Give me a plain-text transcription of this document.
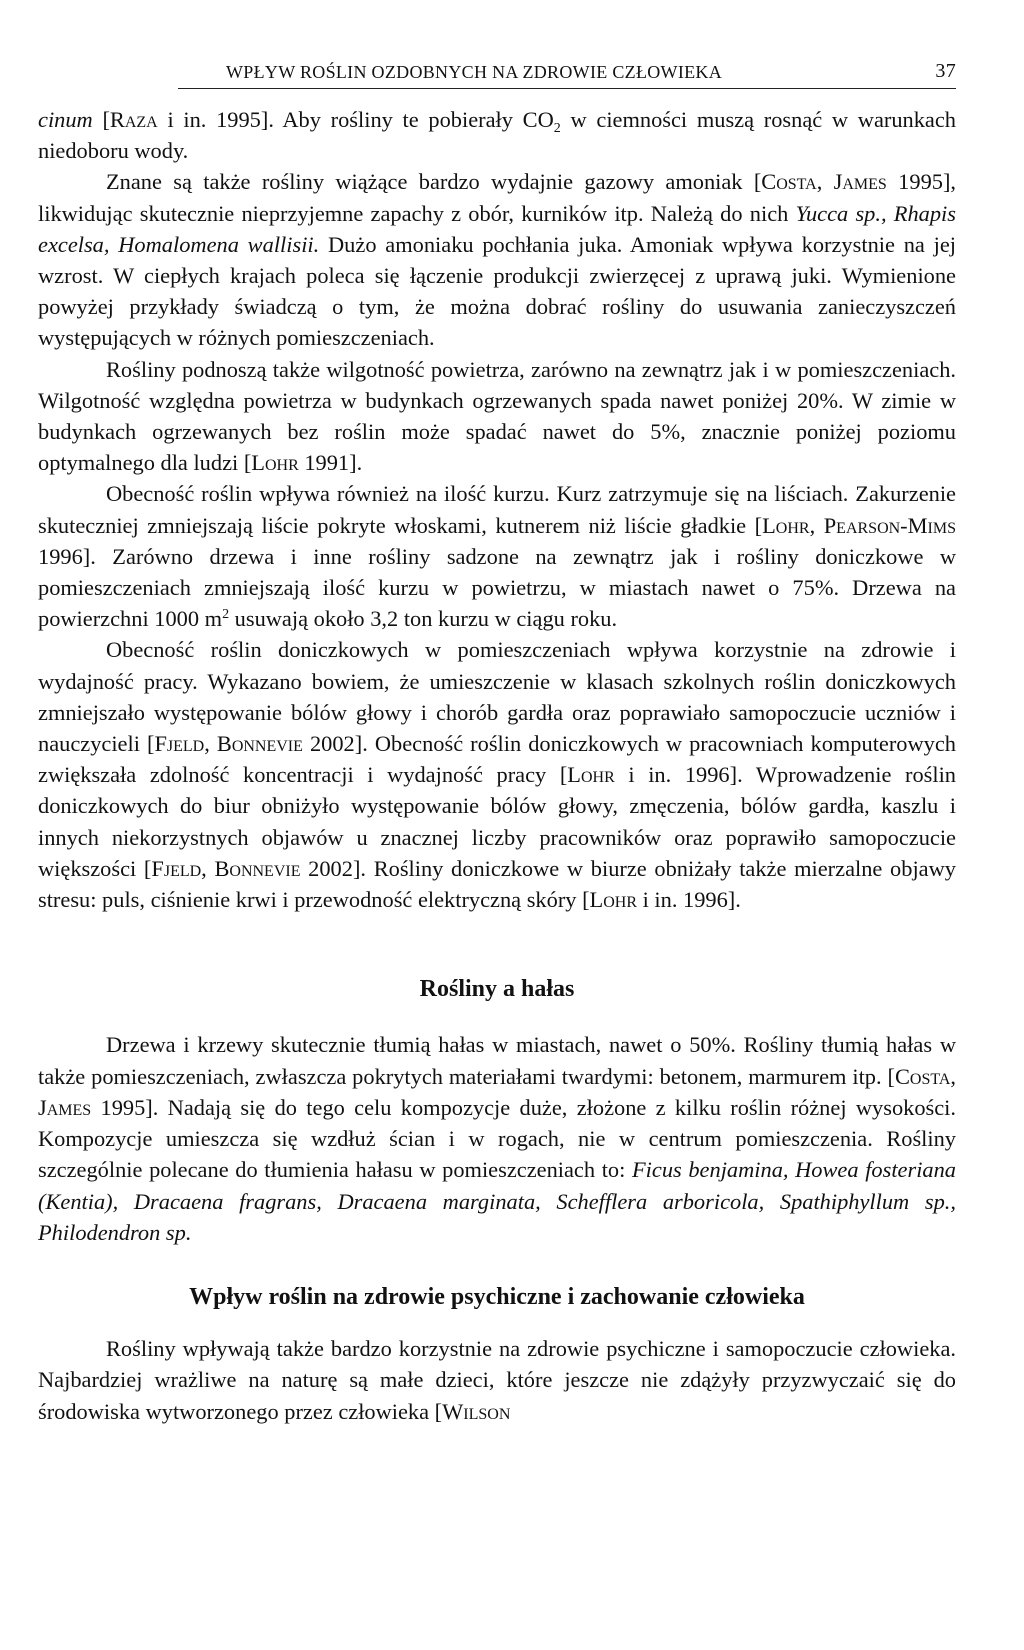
WPŁYW ROŚLIN OZDOBNYCH NA ZDROWIE CZŁOWIEKA	37

cinum [Raza i in. 1995]. Aby rośliny te pobierały $CO_2$ w ciemności muszą rosnąć w warunkach niedoboru wody.

Znane są także rośliny wiążące bardzo wydajnie gazowy amoniak [Costa, James 1995], likwidując skutecznie nieprzyjemne zapachy z obór, kurników itp. Należą do nich Yucca sp., Rhapis excelsa, Homalomena wallisii. Dużo amoniaku pochłania juka. Amoniak wpływa korzystnie na jej wzrost. W ciepłych krajach poleca się łączenie produkcji zwierzęcej z uprawą juki. Wymienione powyżej przykłady świadczą o tym, że można dobrać rośliny do usuwania zanieczyszczeń występujących w różnych pomieszczeniach.

Rośliny podnoszą także wilgotność powietrza, zarówno na zewnątrz jak i w pomieszczeniach. Wilgotność względna powietrza w budynkach ogrzewanych spada nawet poniżej 20%. W zimie w budynkach ogrzewanych bez roślin może spadać nawet do 5%, znacznie poniżej poziomu optymalnego dla ludzi [Lohr 1991].

Obecność roślin wpływa również na ilość kurzu. Kurz zatrzymuje się na liściach. Zakurzenie skuteczniej zmniejszają liście pokryte włoskami, kutnerem niż liście gładkie [Lohr, Pearson-Mims 1996]. Zarówno drzewa i inne rośliny sadzone na zewnątrz jak i rośliny doniczkowe w pomieszczeniach zmniejszają ilość kurzu w powietrzu, w miastach nawet o 75%. Drzewa na powierzchni 1000 $m^2$ usuwają około 3,2 ton kurzu w ciągu roku.

Obecność roślin doniczkowych w pomieszczeniach wpływa korzystnie na zdrowie i wydajność pracy. Wykazano bowiem, że umieszczenie w klasach szkolnych roślin doniczkowych zmniejszało występowanie bólów głowy i chorób gardła oraz poprawiało samopoczucie uczniów i nauczycieli [Fjeld, Bonnevie 2002]. Obecność roślin doniczkowych w pracowniach komputerowych zwiększała zdolność koncentracji i wydajność pracy [Lohr i in. 1996]. Wprowadzenie roślin doniczkowych do biur obniżyło występowanie bólów głowy, zmęczenia, bólów gardła, kaszlu i innych niekorzystnych objawów u znacznej liczby pracowników oraz poprawiło samopoczucie większości [Fjeld, Bonnevie 2002]. Rośliny doniczkowe w biurze obniżały także mierzalne objawy stresu: puls, ciśnienie krwi i przewodność elektryczną skóry [Lohr i in. 1996].

Rośliny a hałas

Drzewa i krzewy skutecznie tłumią hałas w miastach, nawet o 50%. Rośliny tłumią hałas w także pomieszczeniach, zwłaszcza pokrytych materiałami twardymi: betonem, marmurem itp. [Costa, James 1995]. Nadają się do tego celu kompozycje duże, złożone z kilku roślin różnej wysokości. Kompozycje umieszcza się wzdłuż ścian i w rogach, nie w centrum pomieszczenia. Rośliny szczególnie polecane do tłumienia hałasu w pomieszczeniach to: Ficus benjamina, Howea fosteriana (Kentia), Dracaena fragrans, Dracaena marginata, Schefflera arboricola, Spathiphyllum sp., Philodendron sp.

Wpływ roślin na zdrowie psychiczne i zachowanie człowieka

Rośliny wpływają także bardzo korzystnie na zdrowie psychiczne i samopoczucie człowieka. Najbardziej wrażliwe na naturę są małe dzieci, które jeszcze nie zdążyły przyzwyczaić się do środowiska wytworzonego przez człowieka [Wilson
